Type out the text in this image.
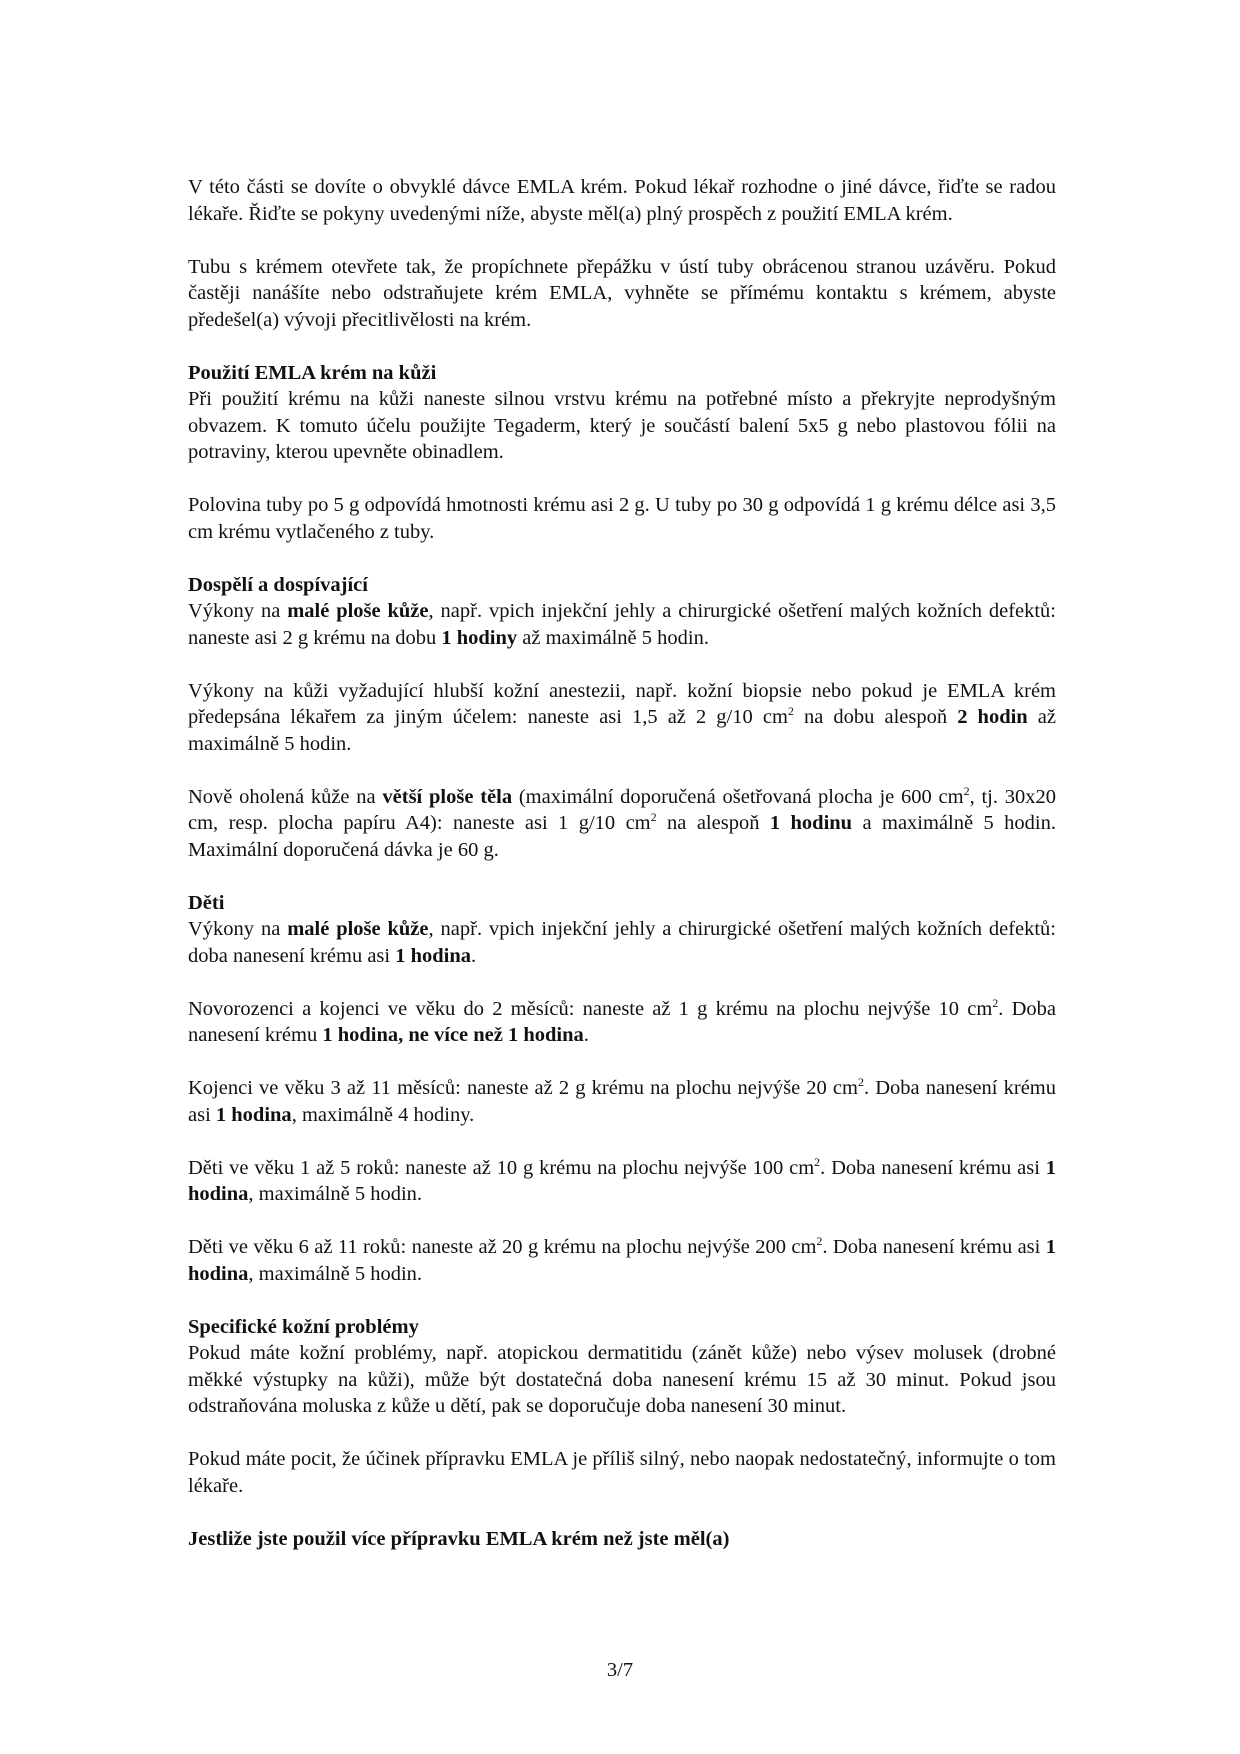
V této části se dovíte o obvyklé dávce EMLA krém. Pokud lékař rozhodne o jiné dávce, řiďte se radou lékaře. Řiďte se pokyny uvedenými níže, abyste měl(a) plný prospěch z použití EMLA krém.

Tubu s krémem otevřete tak, že propíchnete přepážku v ústí tuby obrácenou stranou uzávěru. Pokud častěji nanášíte nebo odstraňujete krém EMLA, vyhněte se přímému kontaktu s krémem, abyste předešel(a) vývoji přecitlivělosti na krém.

Použití EMLA krém na kůži
Při použití krému na kůži naneste silnou vrstvu krému na potřebné místo a překryjte neprodyšným obvazem. K tomuto účelu použijte Tegaderm, který je součástí balení 5x5 g nebo plastovou fólii na potraviny, kterou upevněte obinadlem.

Polovina tuby po 5 g odpovídá hmotnosti krému asi 2 g. U tuby po 30 g odpovídá 1 g krému délce asi 3,5 cm krému vytlačeného z tuby.

Dospělí a dospívající
Výkony na malé ploše kůže, např. vpich injekční jehly a chirurgické ošetření malých kožních defektů: naneste asi 2 g krému na dobu 1 hodiny až maximálně 5 hodin.

Výkony na kůži vyžadující hlubší kožní anestezii, např. kožní biopsie nebo pokud je EMLA krém předepsána lékařem za jiným účelem: naneste asi 1,5 až 2 g/10 $cm^2$ na dobu alespoň 2 hodin až maximálně 5 hodin.

Nově oholená kůže na větší ploše těla (maximální doporučená ošetřovaná plocha je 600 $cm^2$, tj. 30x20 cm, resp. plocha papíru A4): naneste asi 1 g/10 $cm^2$ na alespoň 1 hodinu a maximálně 5 hodin. Maximální doporučená dávka je 60 g.

Děti
Výkony na malé ploše kůže, např. vpich injekční jehly a chirurgické ošetření malých kožních defektů: doba nanesení krému asi 1 hodina.

Novorozenci a kojenci ve věku do 2 měsíců: naneste až 1 g krému na plochu nejvýše 10 $cm^2$. Doba nanesení krému 1 hodina, ne více než 1 hodina.

Kojenci ve věku 3 až 11 měsíců: naneste až 2 g krému na plochu nejvýše 20 $cm^2$. Doba nanesení krému asi 1 hodina, maximálně 4 hodiny.

Děti ve věku 1 až 5 roků: naneste až 10 g krému na plochu nejvýše 100 $cm^2$. Doba nanesení krému asi 1 hodina, maximálně 5 hodin.

Děti ve věku 6 až 11 roků: naneste až 20 g krému na plochu nejvýše 200 $cm^2$. Doba nanesení krému asi 1 hodina, maximálně 5 hodin.

Specifické kožní problémy
Pokud máte kožní problémy, např. atopickou dermatitidu (zánět kůže) nebo výsev molusek (drobné měkké výstupky na kůži), může být dostatečná doba nanesení krému 15 až 30 minut. Pokud jsou odstraňována moluska z kůže u dětí, pak se doporučuje doba nanesení 30 minut.

Pokud máte pocit, že účinek přípravku EMLA je příliš silný, nebo naopak nedostatečný, informujte o tom lékaře.

Jestliže jste použil více přípravku EMLA krém než jste měl(a)

3/7
